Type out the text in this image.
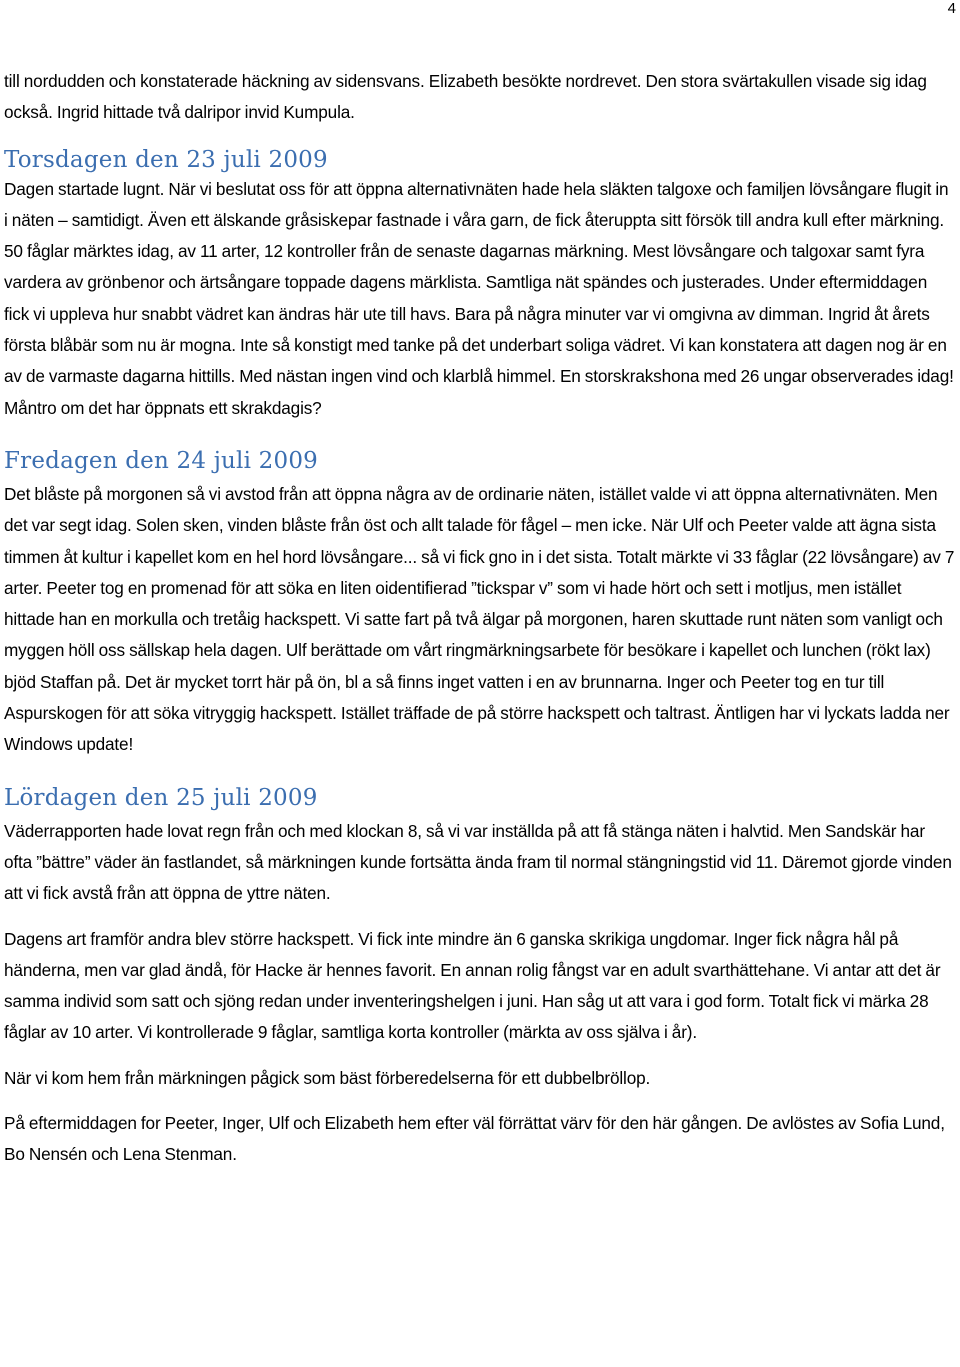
4

till nordudden och konstaterade häckning av sidensvans. Elizabeth besökte nordrevet. Den stora svärtakullen visade sig idag också. Ingrid hittade två dalripor invid Kumpula.

Torsdagen den 23 juli 2009

Dagen startade lugnt. När vi beslutat oss för att öppna alternativnäten hade hela släkten talgoxe och familjen lövsångare flugit in i näten – samtidigt. Även ett älskande gråsiskepar fastnade i våra garn, de fick återuppta sitt försök till andra kull efter märkning. 50 fåglar märktes idag, av 11 arter, 12 kontroller från de senaste dagarnas märkning. Mest lövsångare och talgoxar samt fyra vardera av grönbenor och ärtsångare toppade dagens märklista. Samtliga nät spändes och justerades. Under eftermiddagen fick vi uppleva hur snabbt vädret kan ändras här ute till havs. Bara på några minuter var vi omgivna av dimman. Ingrid åt årets första blåbär som nu är mogna. Inte så konstigt med tanke på det underbart soliga vädret. Vi kan konstatera att dagen nog är en av de varmaste dagarna hittills. Med nästan ingen vind och klarblå himmel. En storskrakshona med 26 ungar observerades idag! Måntro om det har öppnats ett skrakdagis?

Fredagen den 24 juli 2009

Det blåste på morgonen så vi avstod från att öppna några av de ordinarie näten, istället valde vi att öppna alternativnäten. Men det var segt idag. Solen sken, vinden blåste från öst och allt talade för fågel – men icke. När Ulf och Peeter valde att ägna sista timmen åt kultur i kapellet kom en hel hord lövsångare... så vi fick gno in i det sista. Totalt märkte vi 33 fåglar (22 lövsångare) av 7 arter. Peeter tog en promenad för att söka en liten oidentifierad ”tickspar v” som vi hade hört och sett i motljus, men istället hittade han en morkulla och tretåig hackspett. Vi satte fart på två älgar på morgonen, haren skuttade runt näten som vanligt och myggen höll oss sällskap hela dagen. Ulf berättade om vårt ringmärkningsarbete för besökare i kapellet och lunchen (rökt lax) bjöd Staffan på. Det är mycket torrt här på ön, bl a så finns inget vatten i en av brunnarna. Inger och Peeter tog en tur till Aspurskogen för att söka vitryggig hackspett. Istället träffade de på större hackspett och taltrast. Äntligen har vi lyckats ladda ner Windows update!

Lördagen den 25 juli 2009

Väderrapporten hade lovat regn från och med klockan 8, så vi var inställda på att få stänga näten i halvtid. Men Sandskär har ofta ”bättre” väder än fastlandet, så märkningen kunde fortsätta ända fram til normal stängningstid vid 11. Däremot gjorde vinden att vi fick avstå från att öppna de yttre näten.

Dagens art framför andra blev större hackspett. Vi fick inte mindre än 6 ganska skrikiga ungdomar. Inger fick några hål på händerna, men var glad ändå, för Hacke är hennes favorit. En annan rolig fångst var en adult svarthättehane. Vi antar att det är samma individ som satt och sjöng redan under inventeringshelgen i juni. Han såg ut att vara i god form. Totalt fick vi märka 28 fåglar av 10 arter. Vi kontrollerade 9 fåglar, samtliga korta kontroller (märkta av oss själva i år).

När vi kom hem från märkningen pågick som bäst förberedelserna för ett dubbelbröllop.

På eftermiddagen for Peeter, Inger, Ulf och Elizabeth hem efter väl förrättat värv för den här gången. De avlöstes av Sofia Lund, Bo Nensén och Lena Stenman.
